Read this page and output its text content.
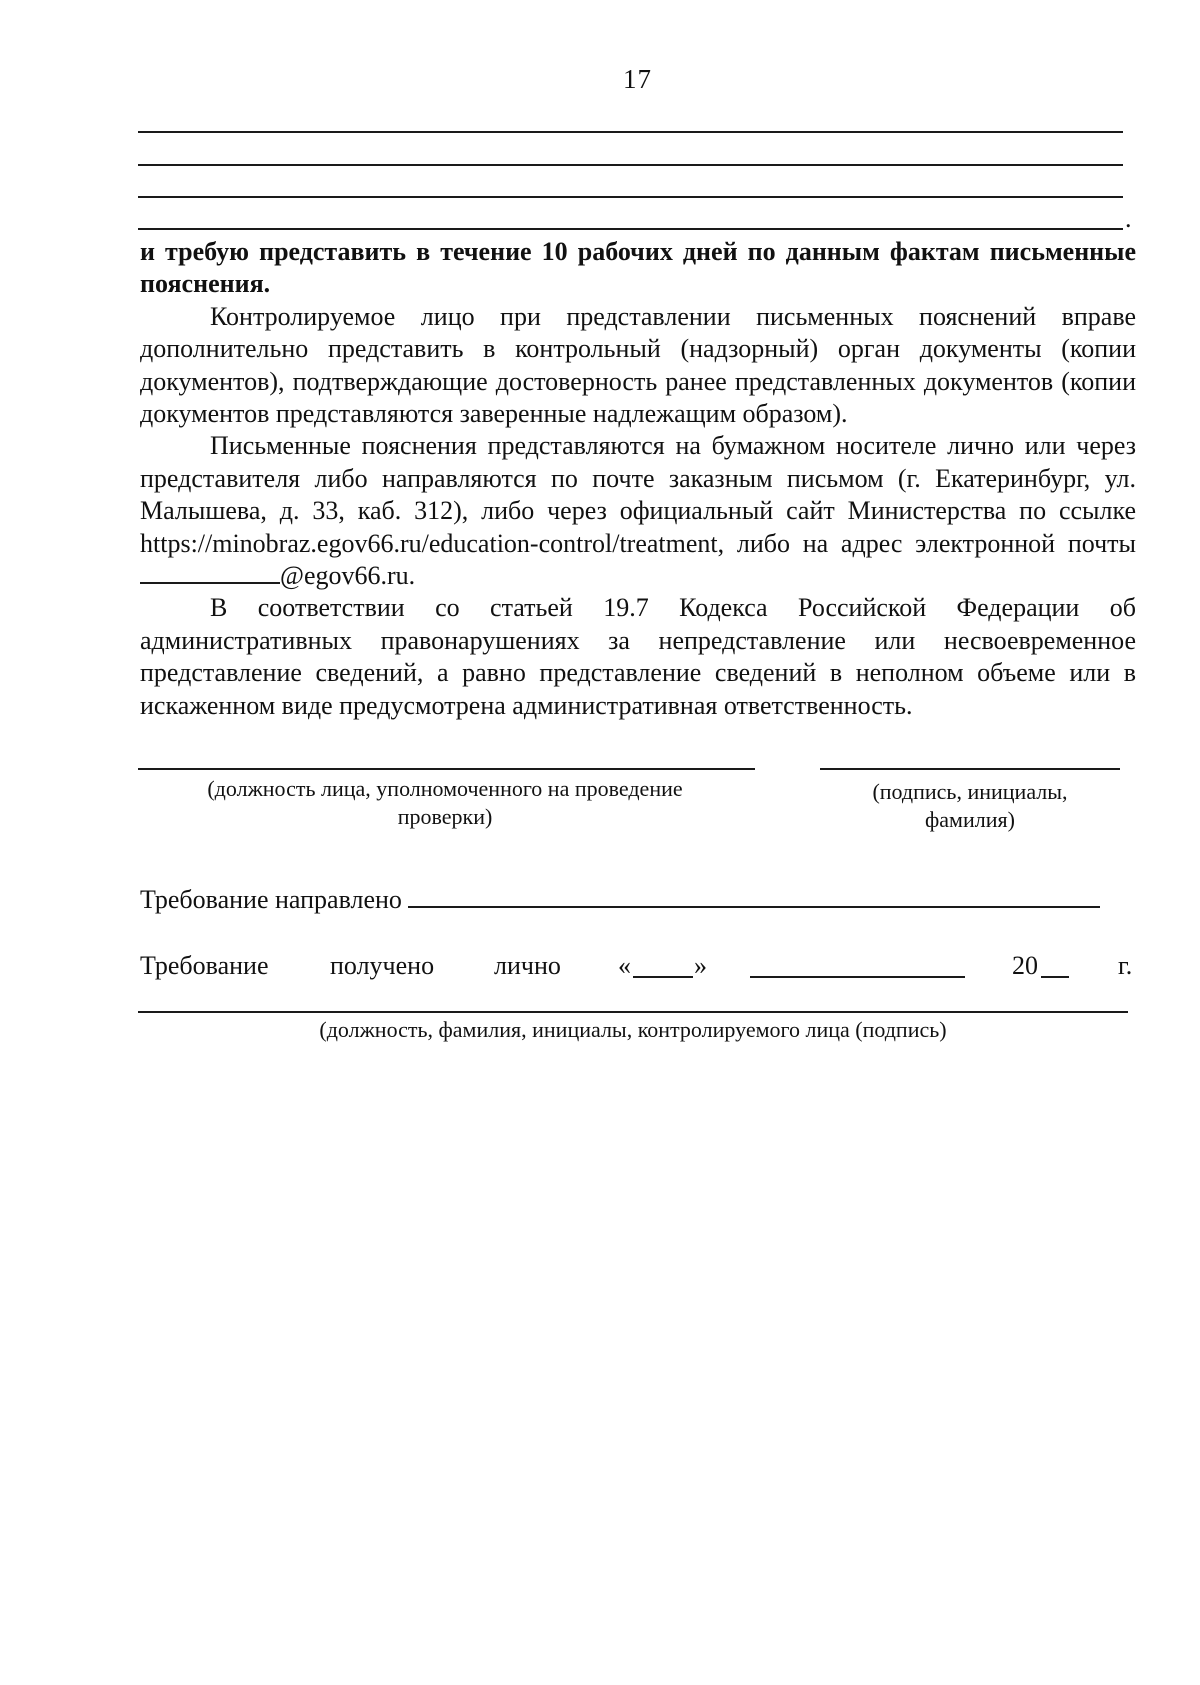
17
.

и требую представить в течение 10 рабочих дней по данным фактам письменные пояснения.

Контролируемое лицо при представлении письменных пояснений вправе дополнительно представить в контрольный (надзорный) орган документы (копии документов), подтверждающие достоверность ранее представленных документов (копии документов представляются заверенные надлежащим образом).

Письменные пояснения представляются на бумажном носителе лично или через представителя либо направляются по почте заказным письмом (г. Екатеринбург, ул. Малышева, д. 33, каб. 312), либо через официальный сайт Министерства по ссылке https://minobraz.egov66.ru/education-control/treatment, либо на адрес электронной почты @egov66.ru.

В соответствии со статьей 19.7 Кодекса Российской Федерации об административных правонарушениях за непредставление или несвоевременное представление сведений, а равно представление сведений в неполном объеме или в искаженном виде предусмотрена административная ответственность.

(должность лица, уполномоченного на проведение проверки)
(подпись, инициалы, фамилия)
Требование направлено
Требование получено лично « »	20	г.
(должность, фамилия, инициалы, контролируемого лица (подпись)
